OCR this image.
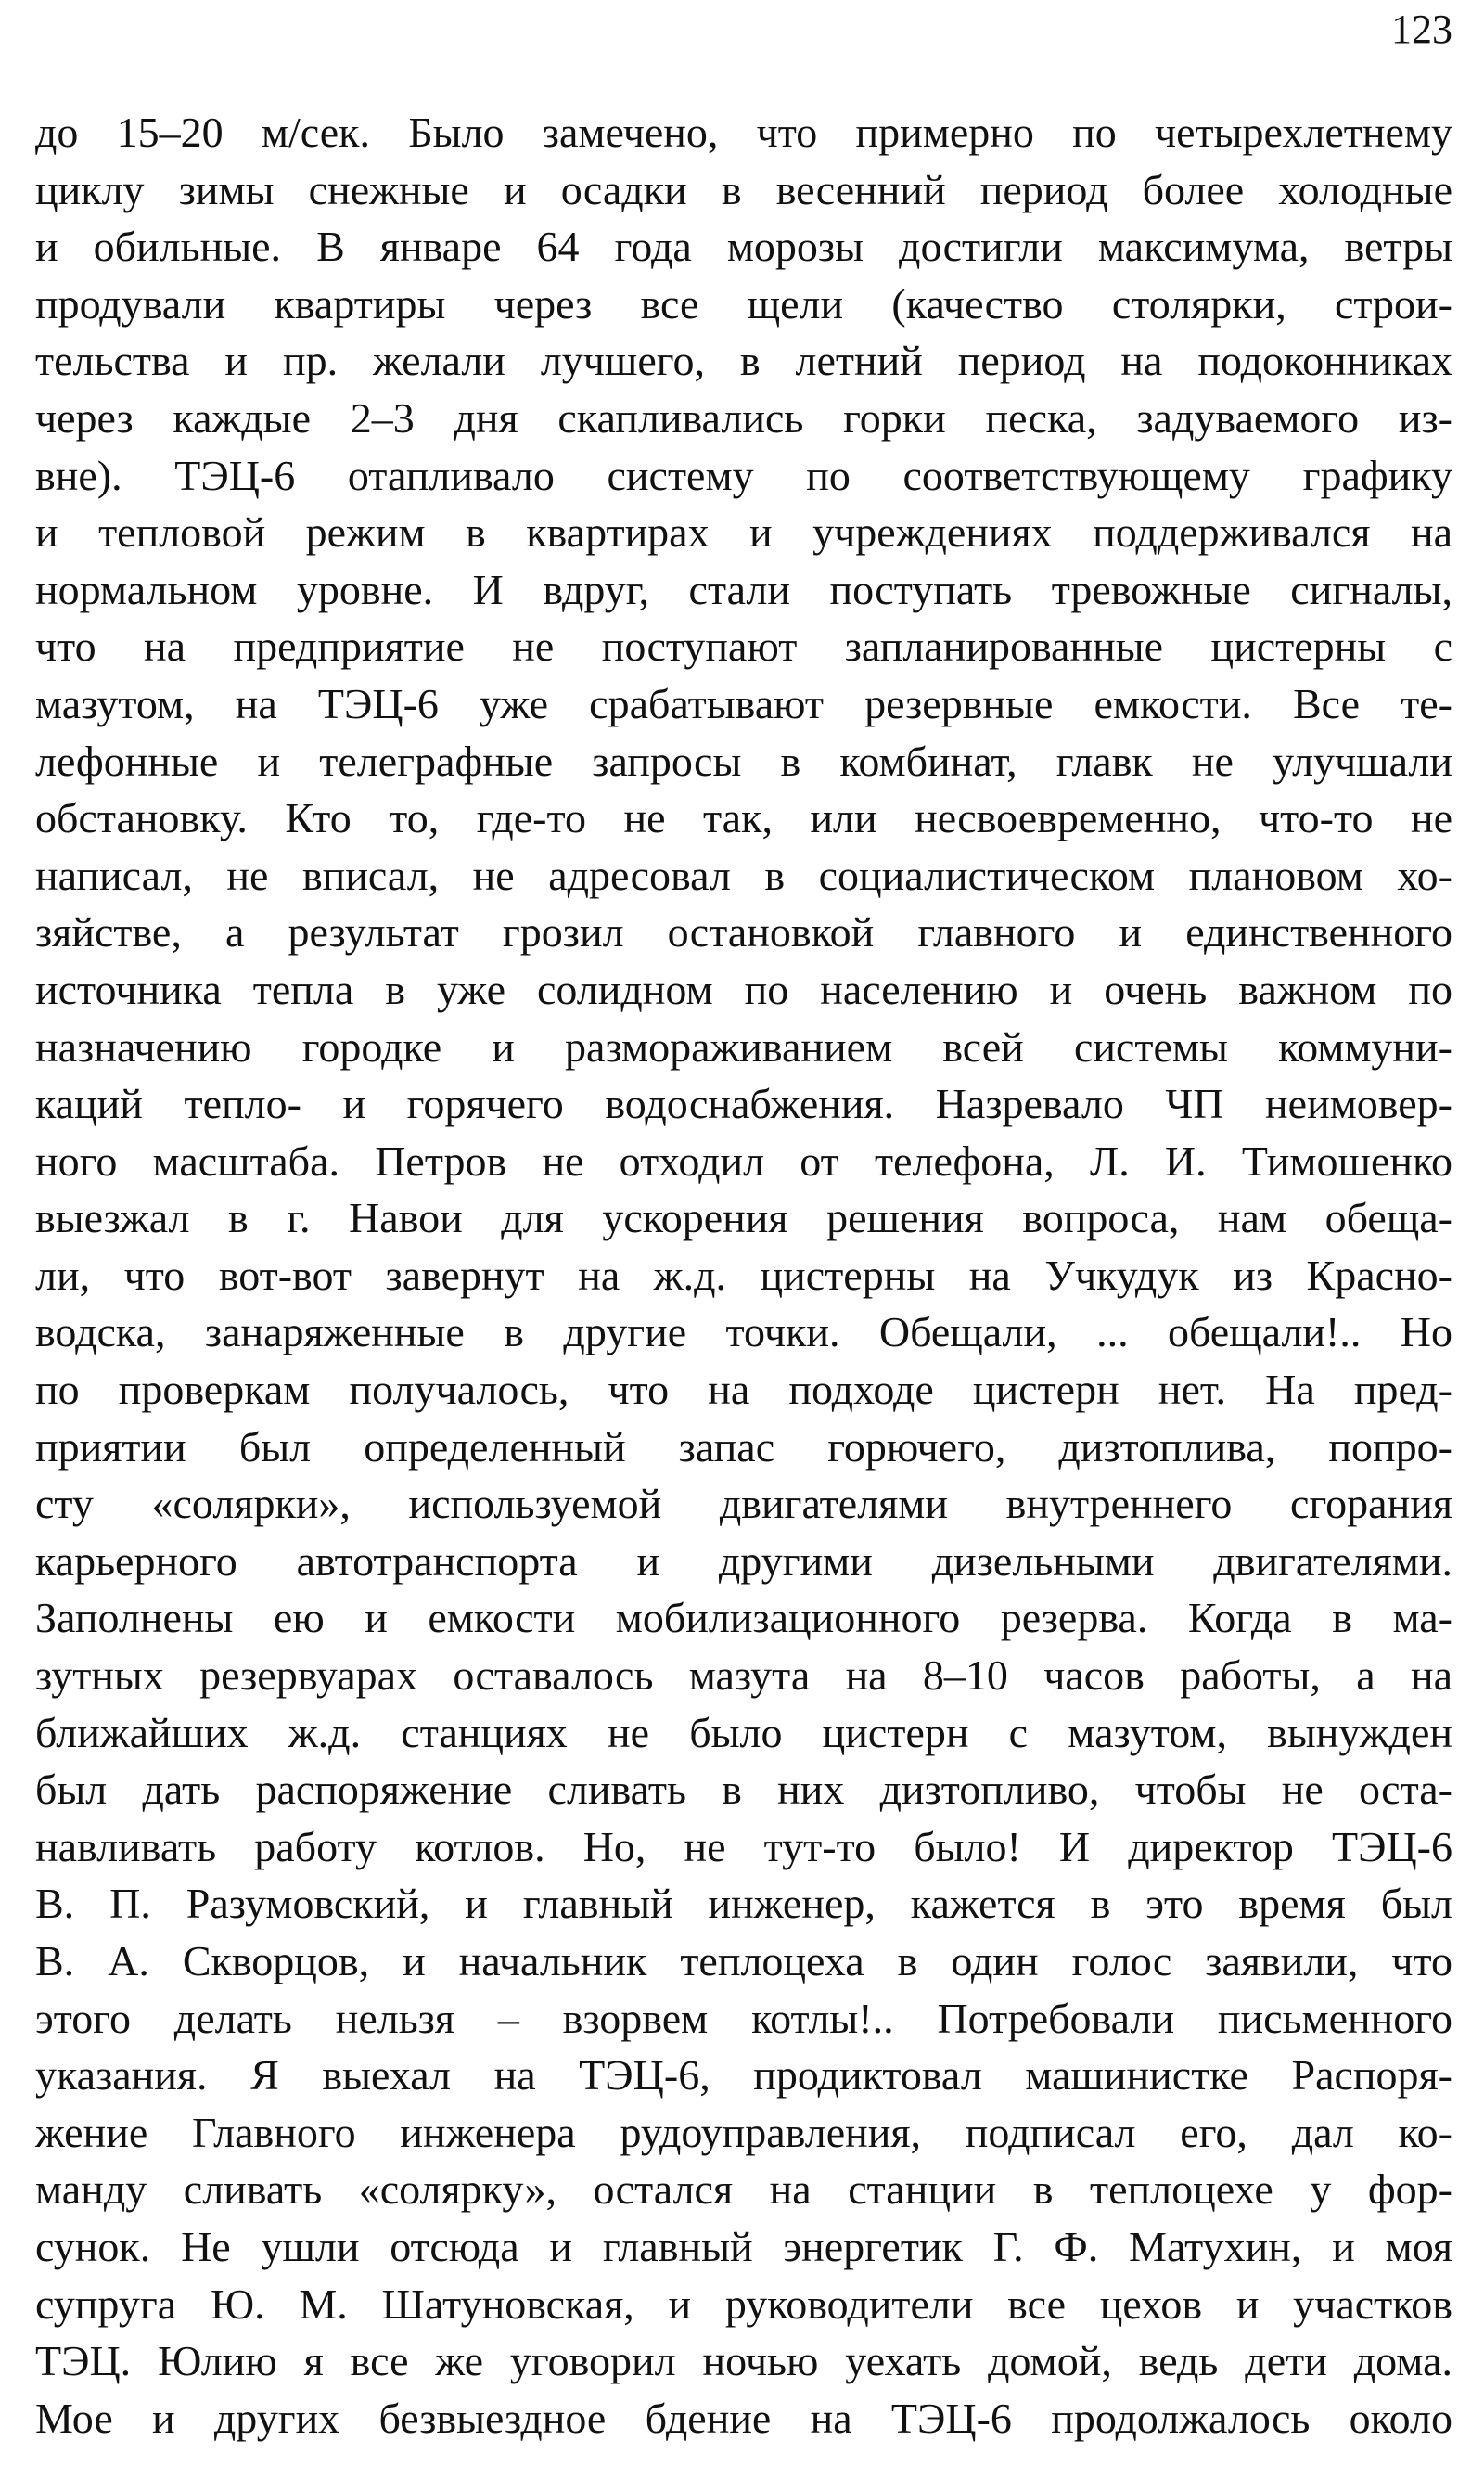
123
до 15–20 м/сек. Было замечено, что примерно по четырехлетнему
циклу зимы снежные и осадки в весенний период более холодные
и обильные. В январе 64 года морозы достигли максимума, ветры
продували квартиры через все щели (качество столярки, строи-
тельства и пр. желали лучшего, в летний период на подоконниках
через каждые 2–3 дня скапливались горки песка, задуваемого из-
вне). ТЭЦ-6 отапливало систему по соответствующему графику
и тепловой режим в квартирах и учреждениях поддерживался на
нормальном уровне. И вдруг, стали поступать тревожные сигналы,
что на предприятие не поступают запланированные цистерны с
мазутом, на ТЭЦ-6 уже срабатывают резервные емкости. Все те-
лефонные и телеграфные запросы в комбинат, главк не улучшали
обстановку. Кто то, где-то не так, или несвоевременно, что-то не
написал, не вписал, не адресовал в социалистическом плановом хо-
зяйстве, а результат грозил остановкой главного и единственного
источника тепла в уже солидном по населению и очень важном по
назначению городке и размораживанием всей системы коммуни-
каций тепло- и горячего водоснабжения. Назревало ЧП неимовер-
ного масштаба. Петров не отходил от телефона, Л. И. Тимошенко
выезжал в г. Навои для ускорения решения вопроса, нам обеща-
ли, что вот-вот завернут на ж.д. цистерны на Учкудук из Красно-
водска, занаряженные в другие точки. Обещали, ... обещали!.. Но
по проверкам получалось, что на подходе цистерн нет. На пред-
приятии был определенный запас горючего, дизтоплива, попро-
сту «солярки», используемой двигателями внутреннего сгорания
карьерного автотранспорта и другими дизельными двигателями.
Заполнены ею и емкости мобилизационного резерва. Когда в ма-
зутных резервуарах оставалось мазута на 8–10 часов работы, а на
ближайших ж.д. станциях не было цистерн с мазутом, вынужден
был дать распоряжение сливать в них дизтопливо, чтобы не оста-
навливать работу котлов. Но, не тут-то было! И директор ТЭЦ-6
В. П. Разумовский, и главный инженер, кажется в это время был
В. А. Скворцов, и начальник теплоцеха в один голос заявили, что
этого делать нельзя – взорвем котлы!.. Потребовали письменного
указания. Я выехал на ТЭЦ-6, продиктовал машинистке Распоря-
жение Главного инженера рудоуправления, подписал его, дал ко-
манду сливать «солярку», остался на станции в теплоцехе у фор-
сунок. Не ушли отсюда и главный энергетик Г. Ф. Матухин, и моя
супруга Ю. М. Шатуновская, и руководители все цехов и участков
ТЭЦ. Юлию я все же уговорил ночью уехать домой, ведь дети дома.
Мое и других безвыездное бдение на ТЭЦ-6 продолжалось около
